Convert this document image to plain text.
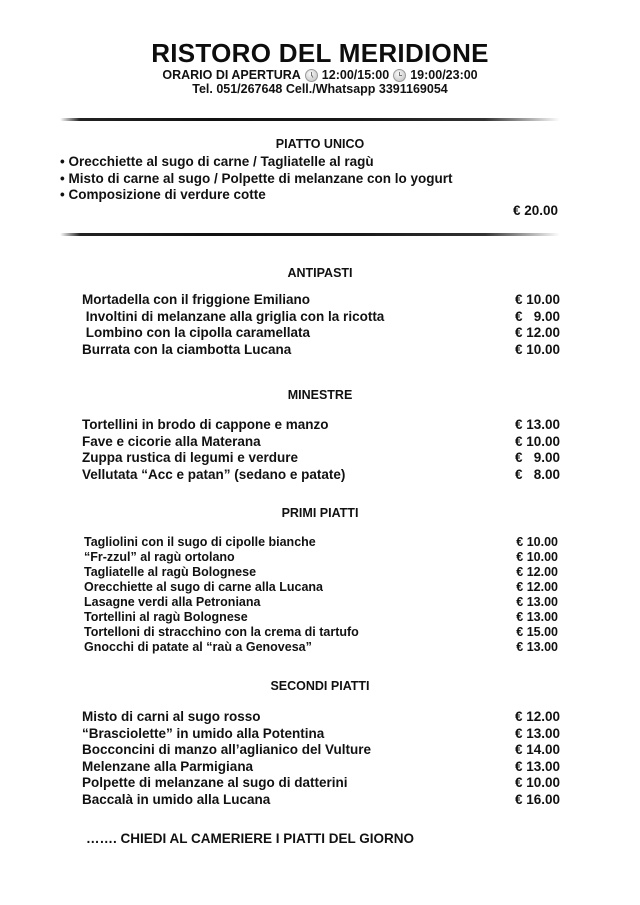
RISTORO DEL MERIDIONE
ORARIO DI APERTURA 12:00/15:00 19:00/23:00
Tel. 051/267648 Cell./Whatsapp 3391169054
PIATTO UNICO
• Orecchiette al sugo di carne / Tagliatelle al ragù
• Misto di carne al sugo / Polpette di melanzane con lo yogurt
• Composizione di verdure cotte
€ 20.00
ANTIPASTI
Mortadella con il friggione Emiliano	€ 10.00
Involtini di melanzane alla griglia con la ricotta	€   9.00
Lombino con la cipolla caramellata	€ 12.00
Burrata con la ciambotta Lucana	€ 10.00
MINESTRE
Tortellini in brodo di cappone e manzo	€ 13.00
Fave e cicorie alla Materana	€ 10.00
Zuppa rustica di legumi e verdure	€   9.00
Vellutata “Acc e patan” (sedano e patate)	€   8.00
PRIMI PIATTI
Tagliolini con il sugo di cipolle bianche	€ 10.00
“Fr-zzul” al ragù ortolano	€ 10.00
Tagliatelle al ragù Bolognese	€ 12.00
Orecchiette al sugo di carne alla Lucana	€ 12.00
Lasagne verdi alla Petroniana	€ 13.00
Tortellini al ragù Bolognese	€ 13.00
Tortelloni di stracchino con la crema di tartufo	€ 15.00
Gnocchi di patate al “raù a Genovesa”	€ 13.00
SECONDI PIATTI
Misto di carni al sugo rosso	€ 12.00
“Brasciolette” in umido alla Potentina	€ 13.00
Bocconcini di manzo all’aglianico del Vulture	€ 14.00
Melenzane alla Parmigiana	€ 13.00
Polpette di melanzane al sugo di datterini	€ 10.00
Baccalà in umido alla Lucana	€ 16.00
……. CHIEDI AL CAMERIERE I PIATTI DEL GIORNO
